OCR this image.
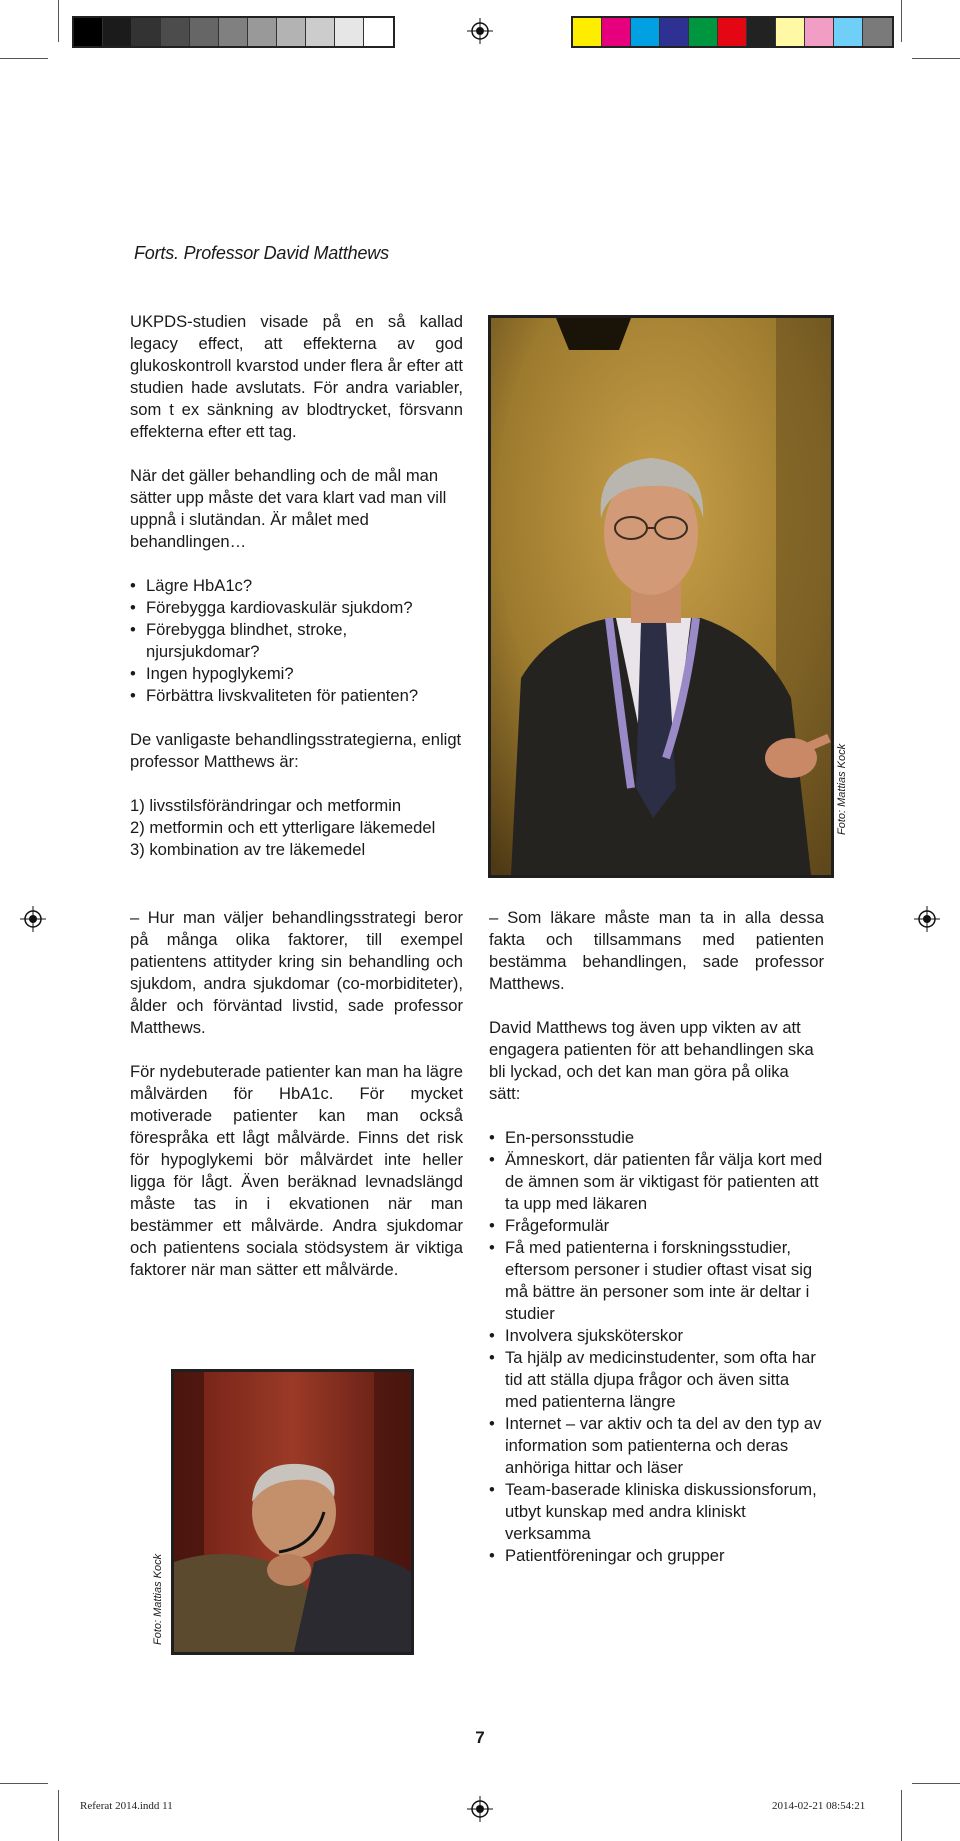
Forts. Professor David Matthews

UKPDS-studien visade på en så kallad legacy effect, att effekterna av god glukoskontroll kvarstod under flera år efter att studien hade avslutats. För andra variabler, som t ex sänkning av blodtrycket, försvann effekterna efter ett tag.

När det gäller behandling och de mål man sätter upp måste det vara klart vad man vill uppnå i slutändan. Är målet med behandlingen…

• Lägre HbA1c?
• Förebygga kardiovaskulär sjukdom?
• Förebygga blindhet, stroke, njursjukdomar?
• Ingen hypoglykemi?
• Förbättra livskvaliteten för patienten?

De vanligaste behandlingsstrategierna, enligt professor Matthews är:

1) livsstilsförändringar och metformin
2) metformin och ett ytterligare läkemedel
3) kombination av tre läkemedel
Foto: Mattias Kock

– Hur man väljer behandlingsstrategi beror på många olika faktorer, till exempel patientens attityder kring sin behandling och sjukdom, andra sjukdomar (co-morbiditeter), ålder och förväntad livstid, sade professor Matthews.

För nydebuterade patienter kan man ha lägre målvärden för HbA1c. För mycket motiverade patienter kan man också förespråka ett lågt målvärde. Finns det risk för hypoglykemi bör målvärdet inte heller ligga för lågt. Även beräknad levnadslängd måste tas in i ekvationen när man bestämmer ett målvärde. Andra sjukdomar och patientens sociala stödsystem är viktiga faktorer när man sätter ett målvärde.

– Som läkare måste man ta in alla dessa fakta och tillsammans med patienten bestämma behandlingen, sade professor Matthews.

David Matthews tog även upp vikten av att engagera patienten för att behandlingen ska bli lyckad, och det kan man göra på olika sätt:

• En-personsstudie
• Ämneskort, där patienten får välja kort med de ämnen som är viktigast för patienten att ta upp med läkaren
• Frågeformulär
• Få med patienterna i forskningsstudier, eftersom personer i studier oftast visat sig må bättre än personer som inte är deltar i studier
• Involvera sjuksköterskor
• Ta hjälp av medicinstudenter, som ofta har tid att ställa djupa frågor och även sitta med patienterna längre
• Internet – var aktiv och ta del av den typ av information som patienterna och deras anhöriga hittar och läser
• Team-baserade kliniska diskussionsforum, utbyt kunskap med andra kliniskt verksamma
• Patientföreningar och grupper
Foto: Mattias Kock
7
Referat 2014.indd 11	2014-02-21 08:54:21
